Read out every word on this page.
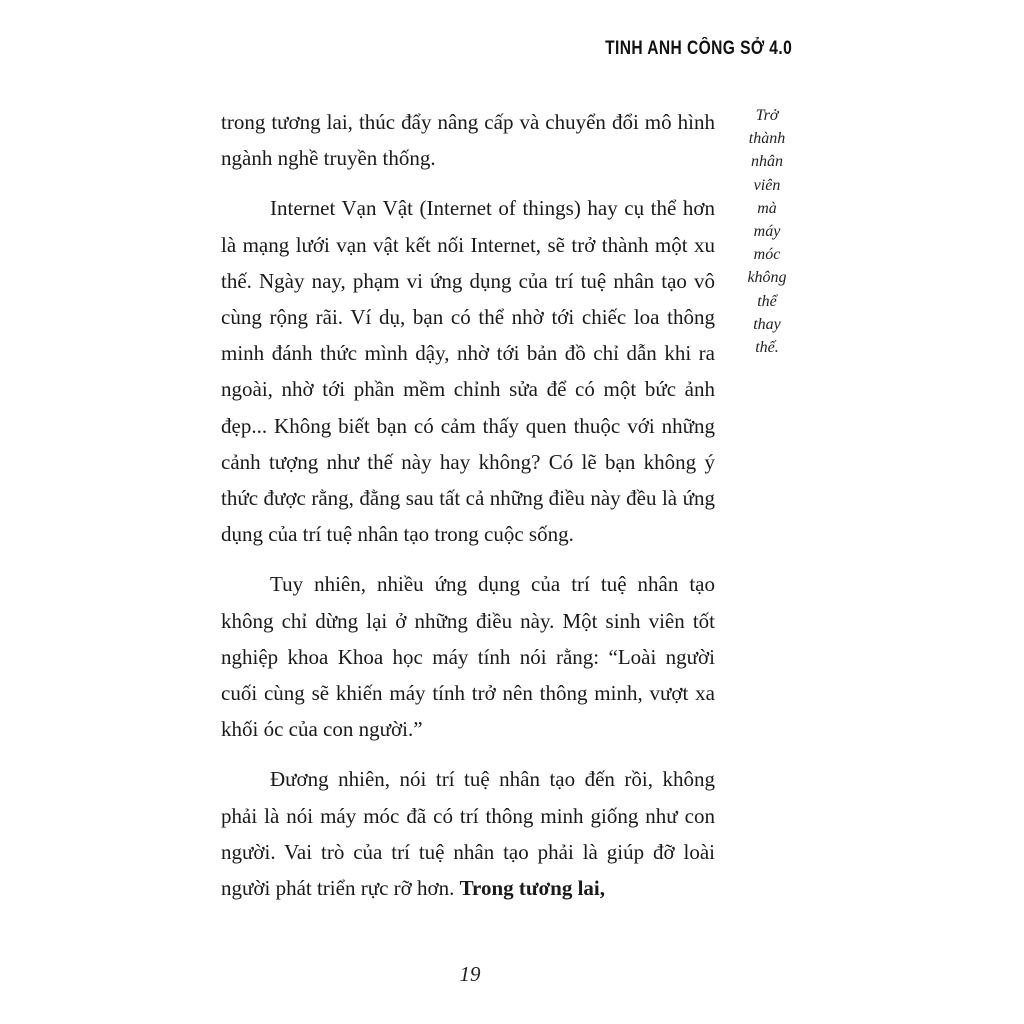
TINH ANH CÔNG SỞ 4.0

trong tương lai, thúc đẩy nâng cấp và chuyển đổi mô hình ngành nghề truyền thống.

Internet Vạn Vật (Internet of things) hay cụ thể hơn là mạng lưới vạn vật kết nối Internet, sẽ trở thành một xu thế. Ngày nay, phạm vi ứng dụng của trí tuệ nhân tạo vô cùng rộng rãi. Ví dụ, bạn có thể nhờ tới chiếc loa thông minh đánh thức mình dậy, nhờ tới bản đồ chỉ dẫn khi ra ngoài, nhờ tới phần mềm chỉnh sửa để có một bức ảnh đẹp... Không biết bạn có cảm thấy quen thuộc với những cảnh tượng như thế này hay không? Có lẽ bạn không ý thức được rằng, đằng sau tất cả những điều này đều là ứng dụng của trí tuệ nhân tạo trong cuộc sống.

Tuy nhiên, nhiều ứng dụng của trí tuệ nhân tạo không chỉ dừng lại ở những điều này. Một sinh viên tốt nghiệp khoa Khoa học máy tính nói rằng: “Loài người cuối cùng sẽ khiến máy tính trở nên thông minh, vượt xa khối óc của con người.”

Đương nhiên, nói trí tuệ nhân tạo đến rồi, không phải là nói máy móc đã có trí thông minh giống như con người. Vai trò của trí tuệ nhân tạo phải là giúp đỡ loài người phát triển rực rỡ hơn. Trong tương lai,

Trở
thành
nhân
viên
mà
máy
móc
không
thể
thay
thế.
19
